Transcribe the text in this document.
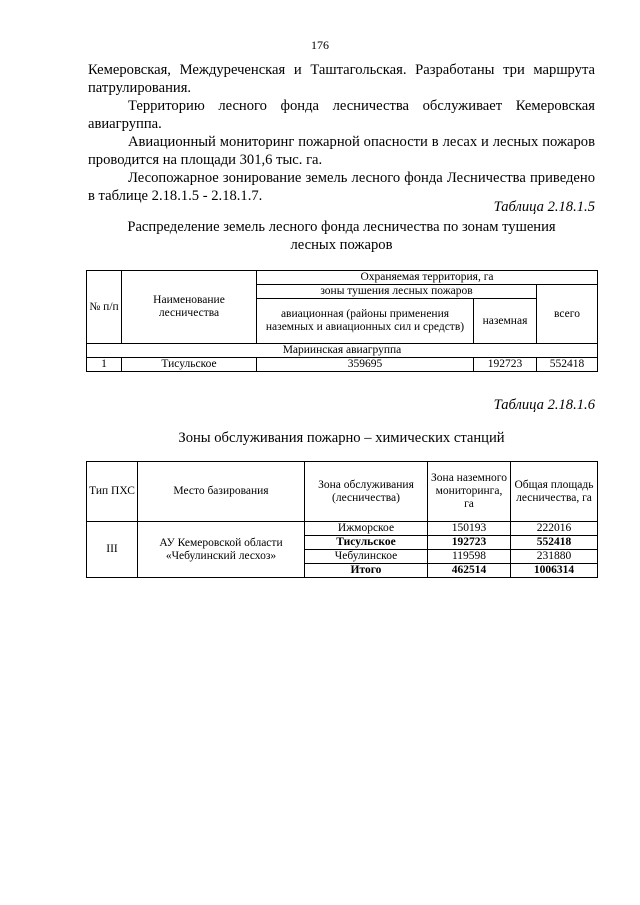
176

Кемеровская, Междуреченская и Таштагольская. Разработаны три маршрута патрулирования.

Территорию лесного фонда лесничества обслуживает Кемеровская авиагруппа.

Авиационный мониторинг пожарной опасности в лесах и лесных пожаров проводится на площади 301,6 тыс. га.

Лесопожарное зонирование земель лесного фонда Лесничества приведено в таблице 2.18.1.5 - 2.18.1.7.

Таблица 2.18.1.5
Распределение земель лесного фонда лесничества по зонам тушения лесных пожаров
№ п/п	Наименование лесничества	Охраняемая территория, га		
		зоны тушения лесных пожаров		всего
		авиационная (районы применения наземных и авиационных сил и средств)	наземная	
Мариинская авиагруппа				
1	Тисульское	359695	192723	552418
Таблица 2.18.1.6
Зоны обслуживания пожарно – химических станций
Тип ПХС	Место базирования	Зона обслуживания (лесничества)	Зона наземного мониторинга, га	Общая площадь лесничества, га
III	АУ Кемеровской области «Чебулинский лесхоз»	Ижморское	150193	222016
		Тисульское	192723	552418
		Чебулинское	119598	231880
		Итого	462514	1006314
